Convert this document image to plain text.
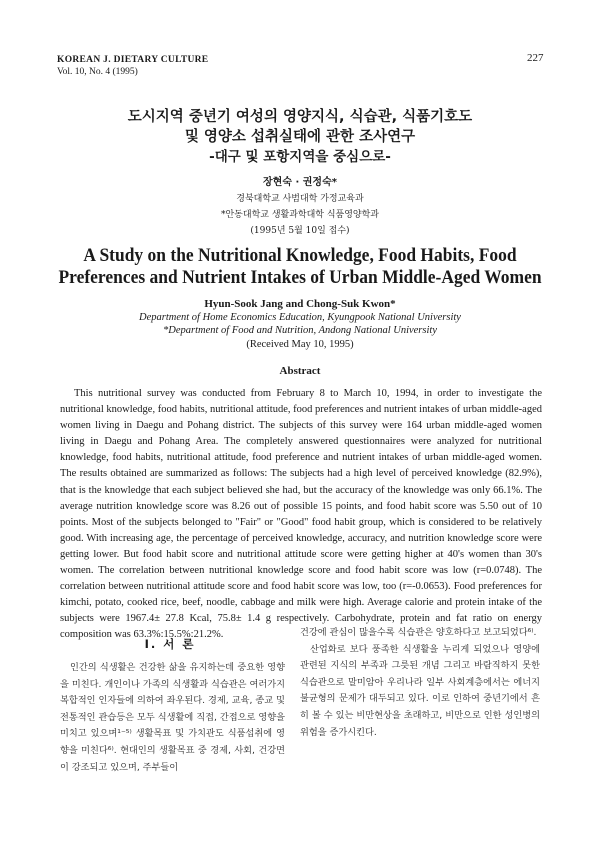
KOREAN J. DIETARY CULTURE
Vol. 10, No. 4 (1995)
227
도시지역 중년기 여성의 영양지식, 식습관, 식품기호도
및 영양소 섭취실태에 관한 조사연구
-대구 및 포항지역을 중심으로-
장현숙 · 권정숙*
경북대학교 사범대학 가정교육과
*안동대학교 생활과학대학 식품영양학과
(1995년 5월 10일 접수)
A Study on the Nutritional Knowledge, Food Habits, Food
Preferences and Nutrient Intakes of Urban Middle-Aged Women
Hyun-Sook Jang and Chong-Suk Kwon*
Department of Home Economics Education, Kyungpook National University
*Department of Food and Nutrition, Andong National University
(Received May 10, 1995)
Abstract
This nutritional survey was conducted from February 8 to March 10, 1994, in order to investigate the nutritional knowledge, food habits, nutritional attitude, food preferences and nutrient intakes of urban middle-aged women living in Daegu and Pohang district. The subjects of this survey were 164 urban middle-aged women living in Daegu and Pohang Area. The completely answered questionnaires were analyzed for nutritional knowledge, food habits, nutritional attitude, food preference and nutrient intakes of urban middle-aged women. The results obtained are summarized as follows: The subjects had a high level of perceived knowledge (82.9%), that is the knowledge that each subject believed she had, but the accuracy of the knowledge was only 66.1%. The average nutrition knowledge score was 8.26 out of possible 15 points, and food habit score was 5.50 out of 10 points. Most of the subjects belonged to "Fair" or "Good" food habit group, which is considered to be relatively good. With increasing age, the percentage of perceived knowledge, accuracy, and nutrition knowledge score were getting lower. But food habit score and nutritional attitude score were getting higher at 40's women than 30's women. The correlation between nutritional knowledge score and food habit score was low (r=0.0748). The correlation between nutritional attitude score and food habit score was low, too (r=-0.0653). Food preferences for kimchi, potato, cooked rice, beef, noodle, cabbage and milk were high. Average calorie and protein intake of the subjects were 1967.4± 27.8 Kcal, 75.8± 1.4 g respectively. Carbohydrate, protein and fat ratio on energy composition was 63.3%:15.5%:21.2%.
I. 서 론

인간의 식생활은 건강한 삶을 유지하는데 중요한 영향을 미친다. 개인이나 가족의 식생활과 식습관은 여러가지 복합적인 인자들에 의하여 좌우된다. 경제, 교육, 종교 및 전통적인 관습등은 모두 식생활에 직접, 간접으로 영향을 미치고 있으며¹⁻⁵⁾ 생활목표 및 가치관도 식품섭취에 영향을 미친다⁶⁾. 현대인의 생활목표 중 경제, 사회, 건강면이 강조되고 있으며, 주부들이

건강에 관심이 많을수록 식습관은 양호하다고 보고되었다⁶⁾.

산업화로 보다 풍족한 식생활을 누리게 되었으나 영양에 관련된 지식의 부족과 그릇된 개념 그리고 바람직하지 못한 식습관으로 말미암아 우리나라 일부 사회계층에서는 에너지 불균형의 문제가 대두되고 있다. 이로 인하여 중년기에서 흔히 볼 수 있는 비만현상을 초래하고, 비만으로 인한 성인병의 위험을 증가시킨다.
